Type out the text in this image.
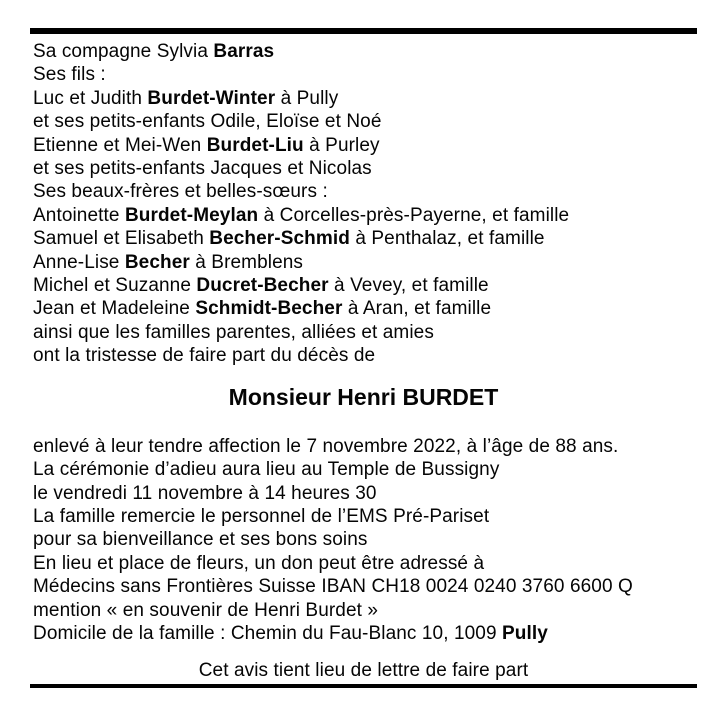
Sa compagne Sylvia Barras
Ses fils :
Luc et Judith Burdet-Winter à Pully
et ses petits-enfants Odile, Eloïse et Noé
Etienne et Mei-Wen Burdet-Liu à Purley
et ses petits-enfants Jacques et Nicolas
Ses beaux-frères et belles-sœurs :
Antoinette Burdet-Meylan à Corcelles-près-Payerne, et famille
Samuel et Elisabeth Becher-Schmid à Penthalaz, et famille
Anne-Lise Becher à Bremblens
Michel et Suzanne Ducret-Becher à Vevey, et famille
Jean et Madeleine Schmidt-Becher à Aran, et famille
ainsi que les familles parentes, alliées et amies
ont la tristesse de faire part du décès de
Monsieur Henri BURDET
enlevé à leur tendre affection le 7 novembre 2022, à l’âge de 88 ans.
La cérémonie d’adieu aura lieu au Temple de Bussigny
le vendredi 11 novembre à 14 heures 30
La famille remercie le personnel de l’EMS Pré-Pariset
pour sa bienveillance et ses bons soins
En lieu et place de fleurs, un don peut être adressé à
Médecins sans Frontières Suisse IBAN CH18 0024 0240 3760 6600 Q
mention « en souvenir de Henri Burdet »
Domicile de la famille : Chemin du Fau-Blanc 10, 1009 Pully
Cet avis tient lieu de lettre de faire part
